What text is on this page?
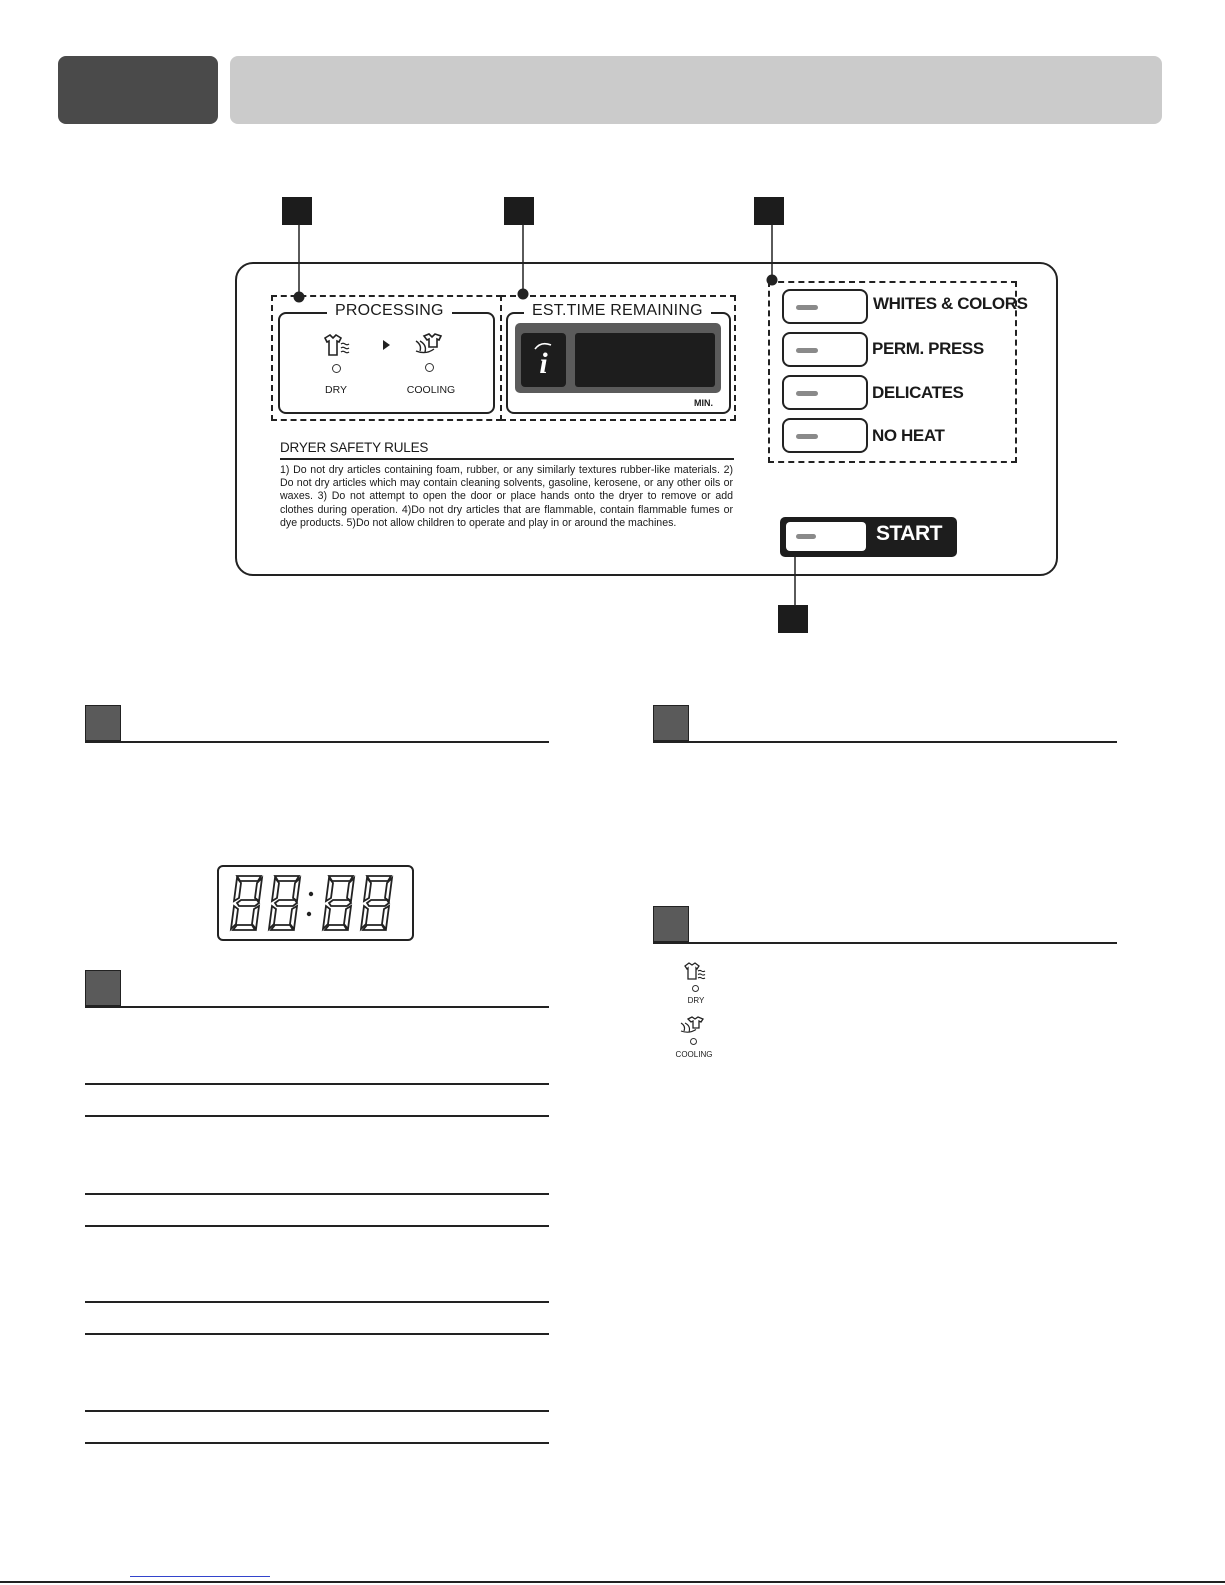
PROCESSING
DRY	COOLING
EST.TIME REMAINING
i
MIN.
DRYER SAFETY RULES
1) Do not dry articles containing foam, rubber, or any similarly textures rubber-like materials. 2) Do not dry articles which may contain cleaning solvents, gasoline, kerosene, or any other oils or waxes. 3) Do not attempt to open the door or place hands onto the dryer to remove or add clothes during operation. 4)Do not dry articles that are flammable, contain flammable fumes or dye products. 5)Do not allow children to operate and play in or around the machines.
WHITES & COLORS
PERM. PRESS
DELICATES
NO HEAT
START
DRY
COOLING
